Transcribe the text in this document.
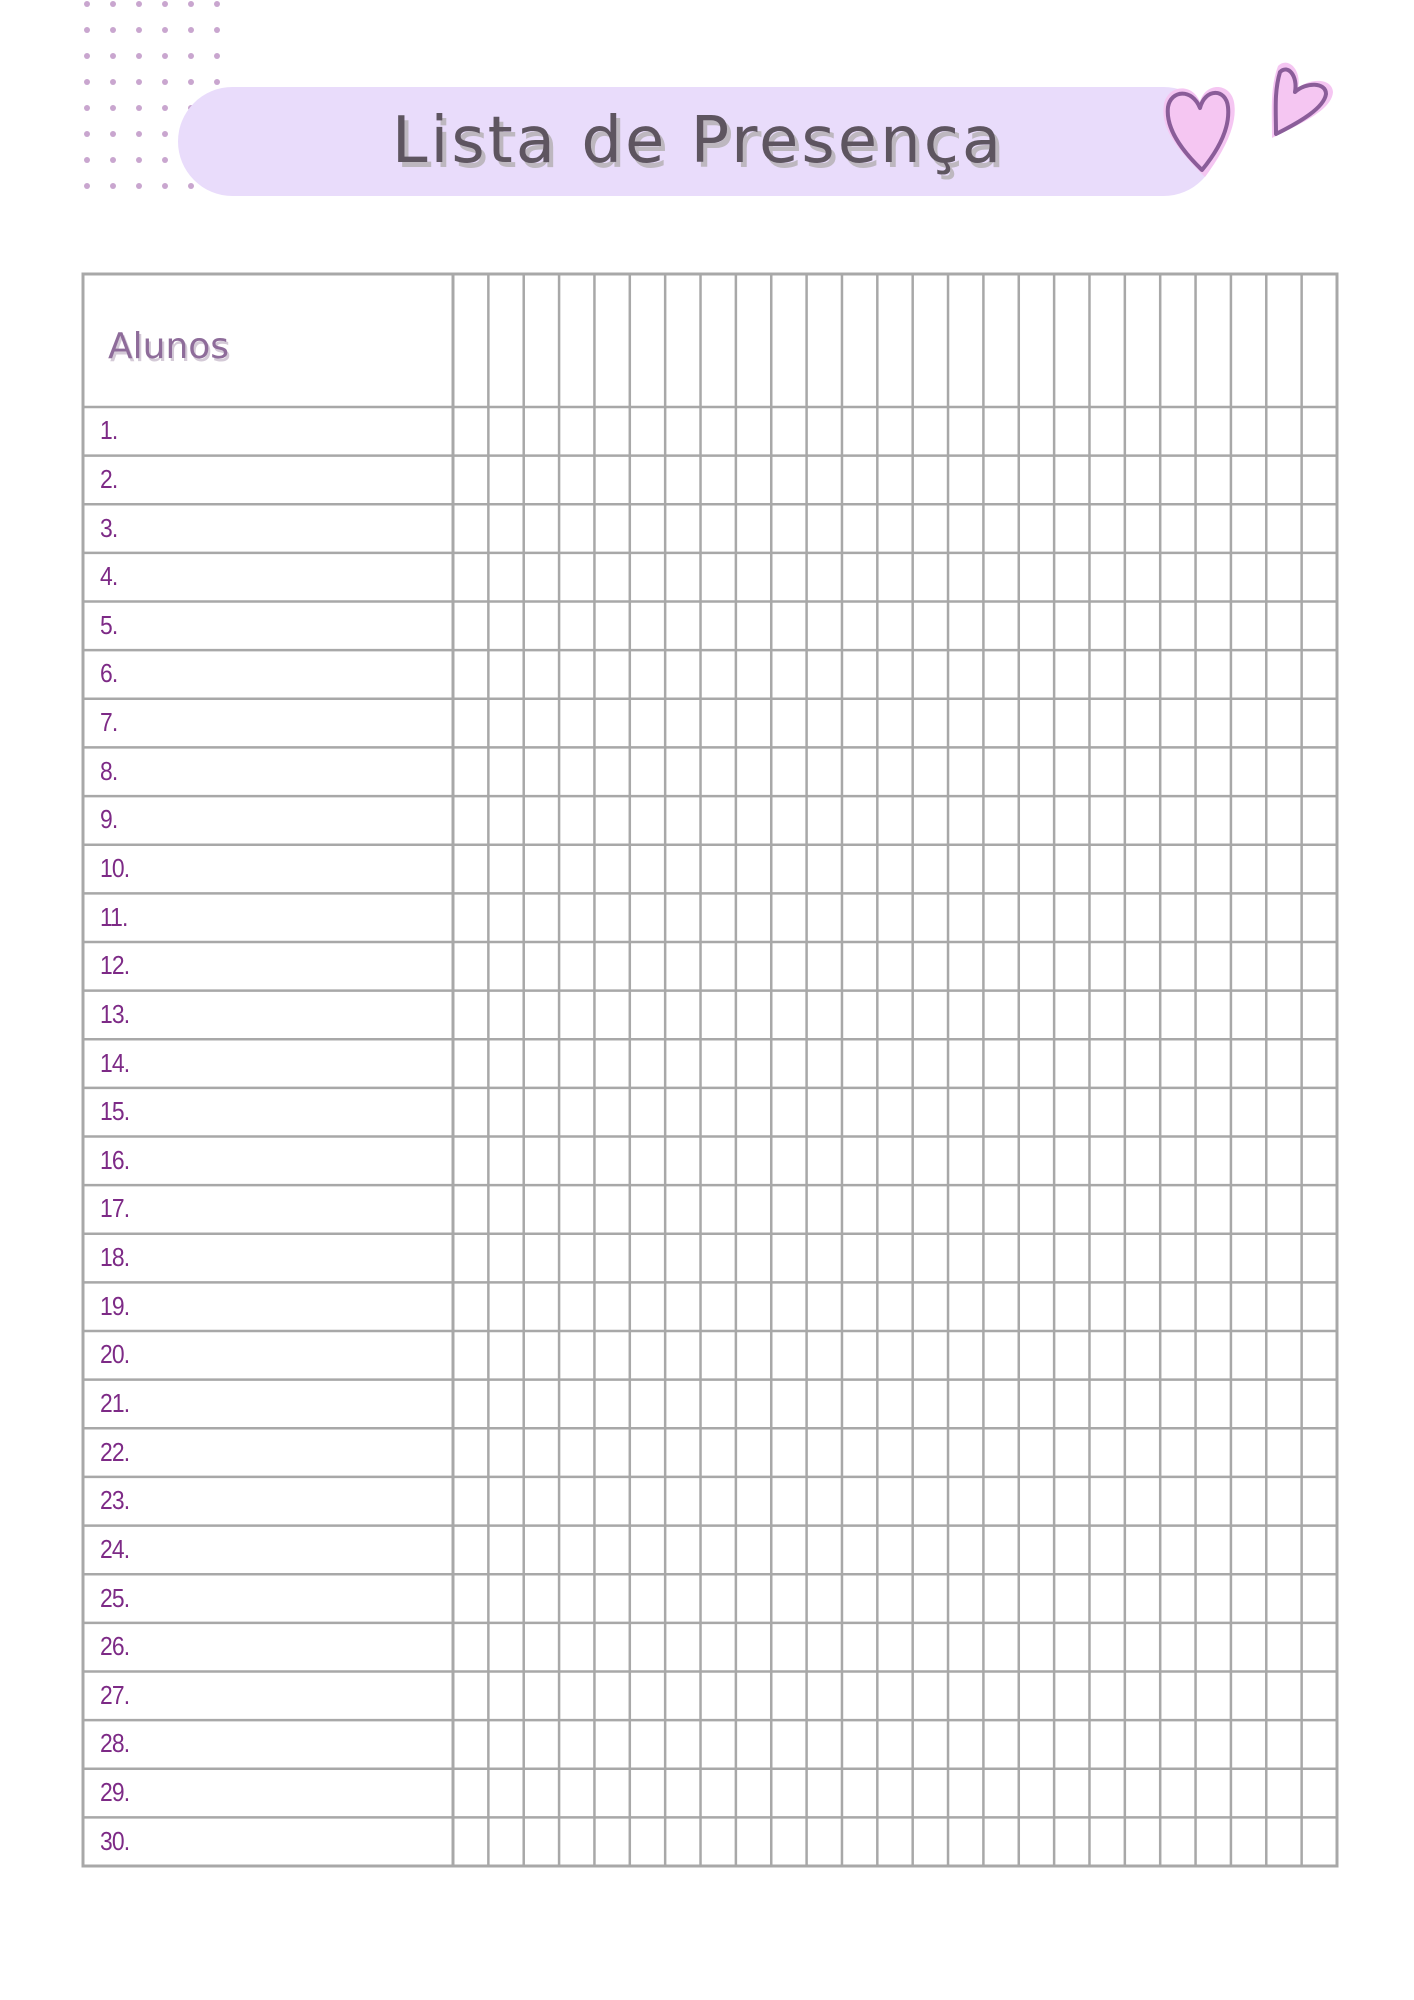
Lista de Presença
Alunos
1.
2.
3.
4.
5.
6.
7.
8.
9.
10.
11.
12.
13.
14.
15.
16.
17.
18.
19.
20.
21.
22.
23.
24.
25.
26.
27.
28.
29.
30.
